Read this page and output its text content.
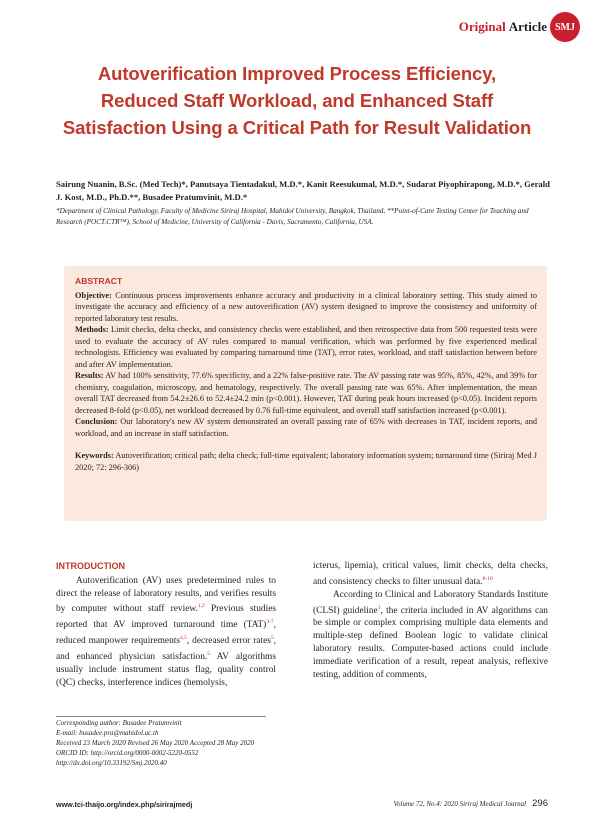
Original Article SMJ
Autoverification Improved Process Efficiency,
Reduced Staff Workload, and Enhanced Staff
Satisfaction Using a Critical Path for Result Validation
Sairung Nuanin, B.Sc. (Med Tech)*, Panutsaya Tientadakul, M.D.*, Kanit Reesukumal, M.D.*, Sudarat Piyophirapong, M.D.*, Gerald J. Kost, M.D., Ph.D.**, Busadee Pratumvinit, M.D.*
*Department of Clinical Pathology, Faculty of Medicine Siriraj Hospital, Mahidol University, Bangkok, Thailand, **Point-of-Care Testing Center for Teaching and Research (POCT.CTR™), School of Medicine, University of California - Davis, Sacramento, California, USA.
ABSTRACT

Objective: Continuous process improvements enhance accuracy and productivity in a clinical laboratory setting. This study aimed to investigate the accuracy and efficiency of a new autoverification (AV) system designed to improve the consistency and uniformity of reported laboratory test results.

Methods: Limit checks, delta checks, and consistency checks were established, and then retrospective data from 500 requested tests were used to evaluate the accuracy of AV rules compared to manual verification, which was performed by five experienced medical technologists. Efficiency was evaluated by comparing turnaround time (TAT), error rates, workload, and staff satisfaction between before and after AV implementation.

Results: AV had 100% sensitivity, 77.6% specificity, and a 22% false-positive rate. The AV passing rate was 95%, 85%, 42%, and 39% for chemistry, coagulation, microscopy, and hematology, respectively. The overall passing rate was 65%. After implementation, the mean overall TAT decreased from 54.2±26.6 to 52.4±24.2 min (p<0.001). However, TAT during peak hours increased (p<0.05). Incident reports decreased 8-fold (p<0.05), net workload decreased by 0.76 full-time equivalent, and overall staff satisfaction increased (p<0.001).

Conclusion: Our laboratory's new AV system demonstrated an overall passing rate of 65% with decreases in TAT, incident reports, and workload, and an increase in staff satisfaction.

Keywords: Autoverification; critical path; delta check; full-time equivalent; laboratory information system; turnaround time (Siriraj Med J 2020; 72: 296-306)

INTRODUCTION

Autoverification (AV) uses predetermined rules to direct the release of laboratory results, and verifies results by computer without staff review.$^{1,2}$ Previous studies reported that AV improved turnaround time (TAT)$^{3-7}$, reduced manpower requirements$^{4,5}$, decreased error rates$^5$, and enhanced physician satisfaction.$^5$ AV algorithms usually include instrument status flag, quality control (QC) checks, interference indices (hemolysis,

icterus, lipemia), critical values, limit checks, delta checks, and consistency checks to filter unusual data.$^{8-10}$

According to Clinical and Laboratory Standards Institute (CLSI) guideline$^1$, the criteria included in AV algorithms can be simple or complex comprising multiple data elements and multiple-step defined Boolean logic to validate clinical laboratory results. Computer-based actions could include immediate verification of a result, repeat analysis, reflexive testing, addition of comments,

Corresponding author: Busadee Pratumvinit
E-mail: busadee.pra@mahidol.ac.th
Received 23 March 2020 Revised 26 May 2020 Accepted 28 May 2020
ORCID ID: http://orcid.org/0000-0002-5220-0552
http://dx.doi.org/10.33192/Smj.2020.40
www.tci-thaijo.org/index.php/sirirajmedj	Volume 72, No.4: 2020 Siriraj Medical Journal 296
